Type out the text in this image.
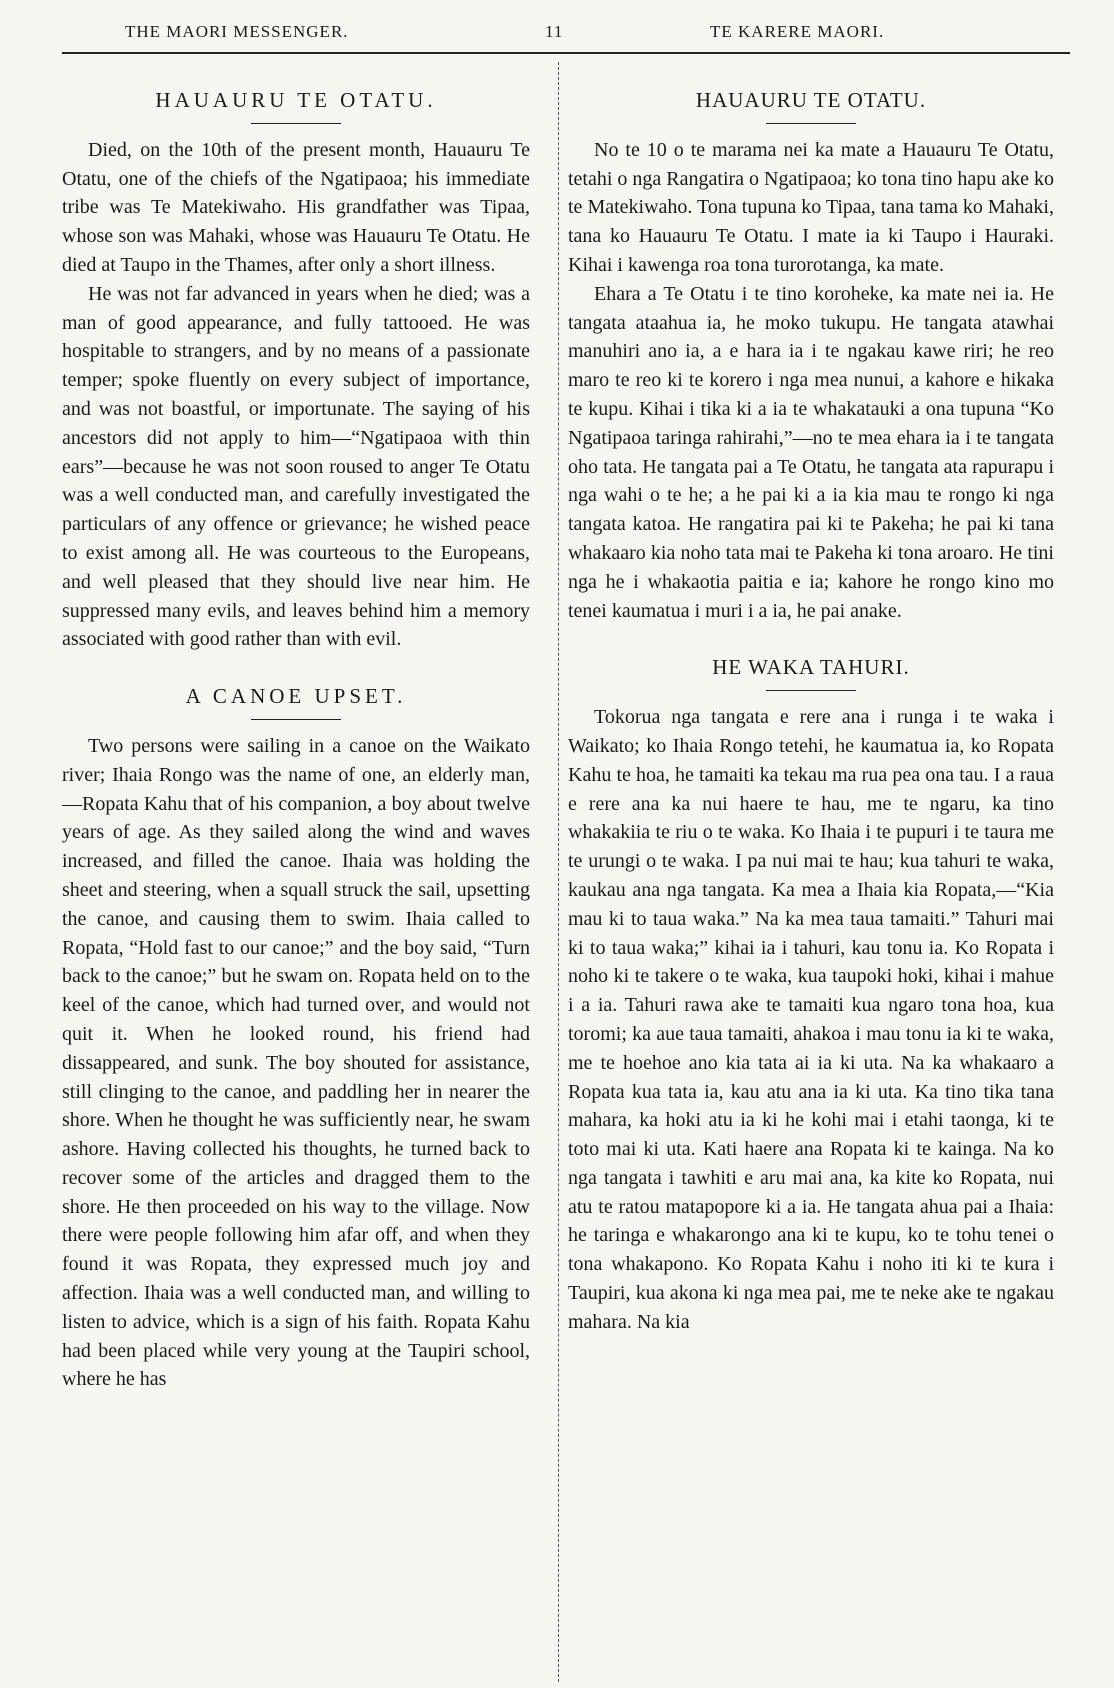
THE MAORI MESSENGER.	11	TE KARERE MAORI.
HAUAURU TE OTATU.

Died, on the 10th of the present month, Hauauru Te Otatu, one of the chiefs of the Ngatipaoa; his immediate tribe was Te Matekiwaho. His grandfather was Tipaa, whose son was Mahaki, whose was Hauauru Te Otatu. He died at Taupo in the Thames, after only a short illness.

He was not far advanced in years when he died; was a man of good appearance, and fully tattooed. He was hospitable to strangers, and by no means of a passionate temper; spoke fluently on every subject of importance, and was not boastful, or importunate. The saying of his ancestors did not apply to him—“Ngatipaoa with thin ears”—because he was not soon roused to anger Te Otatu was a well conducted man, and carefully investigated the particulars of any offence or grievance; he wished peace to exist among all. He was courteous to the Europeans, and well pleased that they should live near him. He suppressed many evils, and leaves behind him a memory associated with good rather than with evil.

A CANOE UPSET.

Two persons were sailing in a canoe on the Waikato river; Ihaia Rongo was the name of one, an elderly man,—Ropata Kahu that of his companion, a boy about twelve years of age. As they sailed along the wind and waves increased, and filled the canoe. Ihaia was holding the sheet and steering, when a squall struck the sail, upsetting the canoe, and causing them to swim. Ihaia called to Ropata, “Hold fast to our canoe;” and the boy said, “Turn back to the canoe;” but he swam on. Ropata held on to the keel of the canoe, which had turned over, and would not quit it. When he looked round, his friend had dissappeared, and sunk. The boy shouted for assistance, still clinging to the canoe, and paddling her in nearer the shore. When he thought he was sufficiently near, he swam ashore. Having collected his thoughts, he turned back to recover some of the articles and dragged them to the shore. He then proceeded on his way to the village. Now there were people following him afar off, and when they found it was Ropata, they expressed much joy and affection. Ihaia was a well conducted man, and willing to listen to advice, which is a sign of his faith. Ropata Kahu had been placed while very young at the Taupiri school, where he has

HAUAURU TE OTATU.

No te 10 o te marama nei ka mate a Hauauru Te Otatu, tetahi o nga Rangatira o Ngatipaoa; ko tona tino hapu ake ko te Matekiwaho. Tona tupuna ko Tipaa, tana tama ko Mahaki, tana ko Hauauru Te Otatu. I mate ia ki Taupo i Hauraki. Kihai i kawenga roa tona turorotanga, ka mate.

Ehara a Te Otatu i te tino koroheke, ka mate nei ia. He tangata ataahua ia, he moko tukupu. He tangata atawhai manuhiri ano ia, a e hara ia i te ngakau kawe riri; he reo maro te reo ki te korero i nga mea nunui, a kahore e hikaka te kupu. Kihai i tika ki a ia te whakatauki a ona tupuna “Ko Ngatipaoa taringa rahirahi,”—no te mea ehara ia i te tangata oho tata. He tangata pai a Te Otatu, he tangata ata rapurapu i nga wahi o te he; a he pai ki a ia kia mau te rongo ki nga tangata katoa. He rangatira pai ki te Pakeha; he pai ki tana whakaaro kia noho tata mai te Pakeha ki tona aroaro. He tini nga he i whakaotia paitia e ia; kahore he rongo kino mo tenei kaumatua i muri i a ia, he pai anake.

HE WAKA TAHURI.

Tokorua nga tangata e rere ana i runga i te waka i Waikato; ko Ihaia Rongo tetehi, he kaumatua ia, ko Ropata Kahu te hoa, he tamaiti ka tekau ma rua pea ona tau. I a raua e rere ana ka nui haere te hau, me te ngaru, ka tino whakakiia te riu o te waka. Ko Ihaia i te pupuri i te taura me te urungi o te waka. I pa nui mai te hau; kua tahuri te waka, kaukau ana nga tangata. Ka mea a Ihaia kia Ropata,—“Kia mau ki to taua waka.” Na ka mea taua tamaiti.” Tahuri mai ki to taua waka;” kihai ia i tahuri, kau tonu ia. Ko Ropata i noho ki te takere o te waka, kua taupoki hoki, kihai i mahue i a ia. Tahuri rawa ake te tamaiti kua ngaro tona hoa, kua toromi; ka aue taua tamaiti, ahakoa i mau tonu ia ki te waka, me te hoehoe ano kia tata ai ia ki uta. Na ka whakaaro a Ropata kua tata ia, kau atu ana ia ki uta. Ka tino tika tana mahara, ka hoki atu ia ki he kohi mai i etahi taonga, ki te toto mai ki uta. Kati haere ana Ropata ki te kainga. Na ko nga tangata i tawhiti e aru mai ana, ka kite ko Ropata, nui atu te ratou matapopore ki a ia. He tangata ahua pai a Ihaia: he taringa e whakarongo ana ki te kupu, ko te tohu tenei o tona whakapono. Ko Ropata Kahu i noho iti ki te kura i Taupiri, kua akona ki nga mea pai, me te neke ake te ngakau mahara. Na kia
